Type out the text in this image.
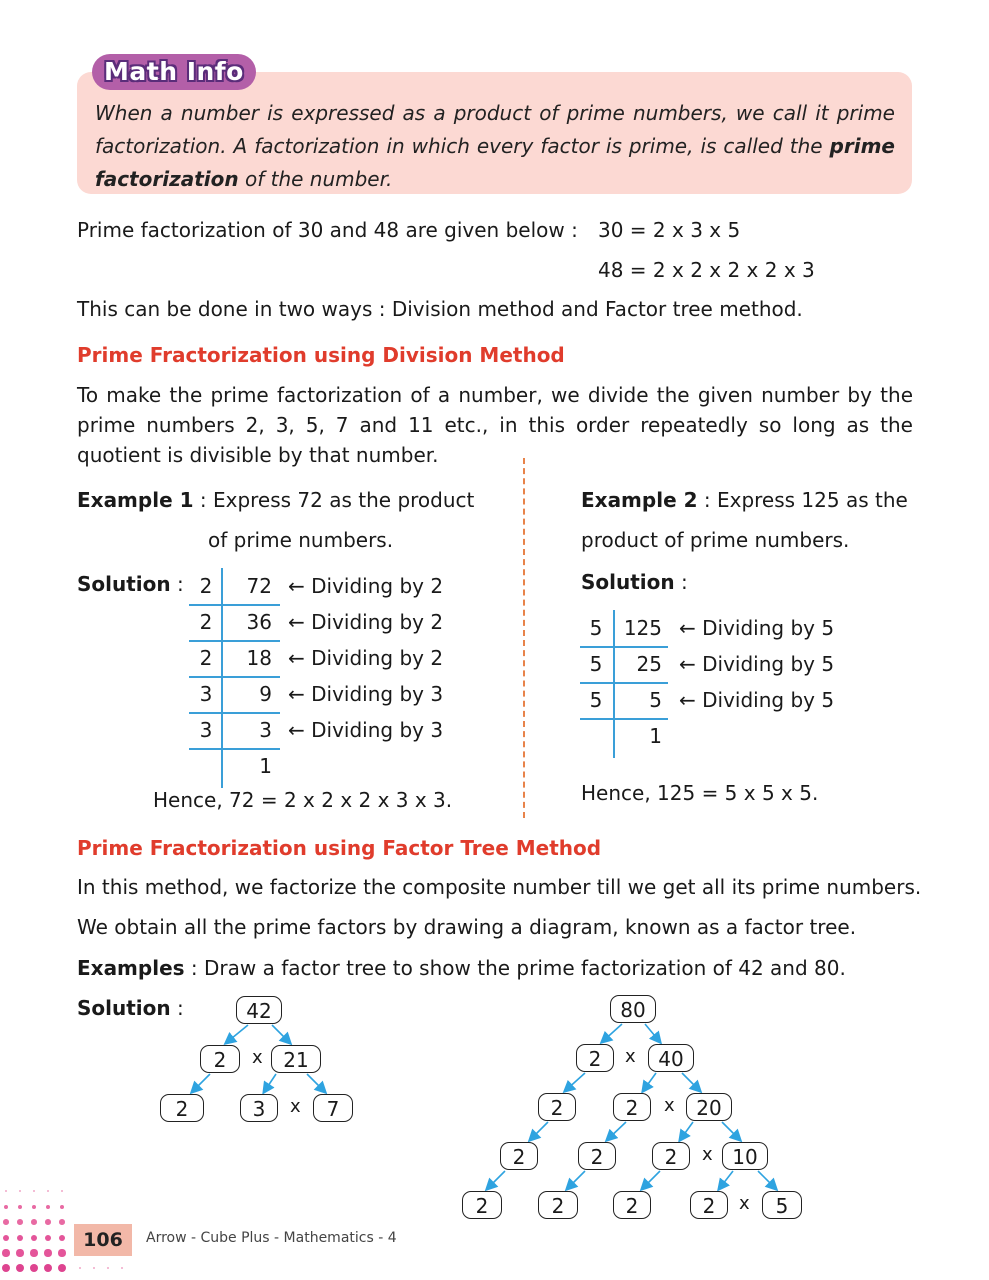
Math Info
When a number is expressed as a product of prime numbers, we call it prime factorization. A factorization in which every factor is prime, is called the prime factorization of the number.
Prime factorization of 30 and 48 are given below : 30 = 2 x 3 x 5
48 = 2 x 2 x 2 x 2 x 3
This can be done in two ways : Division method and Factor tree method.
Prime Fractorization using Division Method
To make the prime factorization of a number, we divide the given number by the prime numbers 2, 3, 5, 7 and 11 etc., in this order repeatedly so long as the quotient is divisible by that number.
Example 1 : Express 72 as the product
of prime numbers.
Solution : 2	72 ← Dividing by 2
2	36 ← Dividing by 2
2	18 ← Dividing by 2
3	9 ← Dividing by 3
3	3 ← Dividing by 3
1
Hence, 72 = 2 x 2 x 2 x 3 x 3.
Example 2 : Express 125 as the
product of prime numbers.
Solution :
5	125 ← Dividing by 5
5	25 ← Dividing by 5
5	5 ← Dividing by 5
1
Hence, 125 = 5 x 5 x 5.
Prime Fractorization using Factor Tree Method
In this method, we factorize the composite number till we get all its prime numbers.
We obtain all the prime factors by drawing a diagram, known as a factor tree.
Examples : Draw a factor tree to show the prime factorization of 42 and 80.
Solution :	42
2	x	21
2	3	x	7
80
2	x	40
2	2	x	20
2	2	2	x 10
2	2	2	2	x	5
106	Arrow - Cube Plus - Mathematics - 4
